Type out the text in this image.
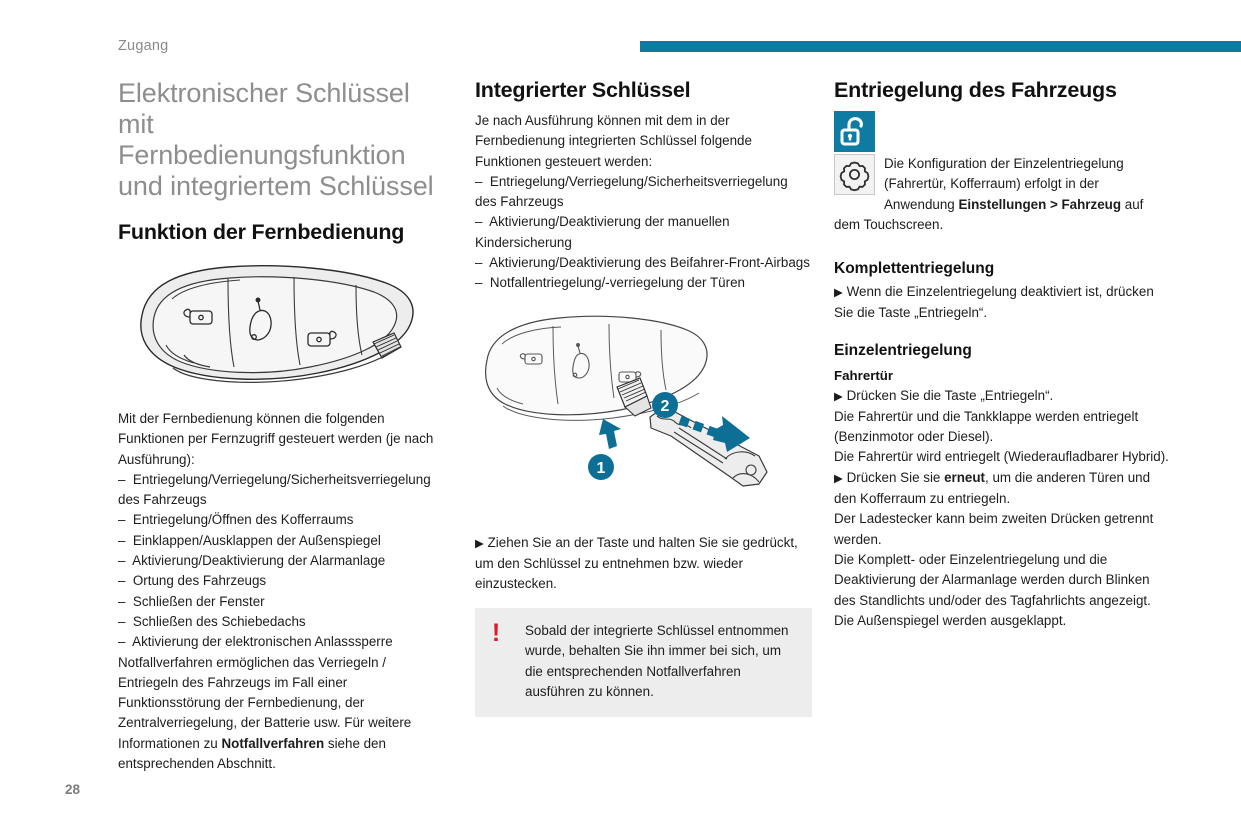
Zugang
28
Elektronischer Schlüssel mit Fernbedienungsfunktion und integriertem Schlüssel
Funktion der Fernbedienung

Mit der Fernbedienung können die folgenden Funktionen per Fernzugriff gesteuert werden (je nach Ausführung):

–  Entriegelung/Verriegelung/Sicherheitsverriegelung des Fahrzeugs
–  Entriegelung/Öffnen des Kofferraums
–  Einklappen/Ausklappen der Außenspiegel
–  Aktivierung/Deaktivierung der Alarmanlage
–  Ortung des Fahrzeugs
–  Schließen der Fenster
–  Schließen des Schiebedachs
–  Aktivierung der elektronischen Anlasssperre

Notfallverfahren ermöglichen das Verriegeln / Entriegeln des Fahrzeugs im Fall einer Funktionsstörung der Fernbedienung, der Zentralverriegelung, der Batterie usw. Für weitere Informationen zu Notfallverfahren siehe den entsprechenden Abschnitt.

Integrierter Schlüssel

Je nach Ausführung können mit dem in der Fernbedienung integrierten Schlüssel folgende Funktionen gesteuert werden:

–  Entriegelung/Verriegelung/Sicherheitsverriegelung des Fahrzeugs
–  Aktivierung/Deaktivierung der manuellen Kindersicherung
–  Aktivierung/Deaktivierung des Beifahrer-Front-Airbags
–  Notfallentriegelung/-verriegelung der Türen

1
2

▶ Ziehen Sie an der Taste und halten Sie sie gedrückt, um den Schlüssel zu entnehmen bzw. wieder einzustecken.

!	Sobald der integrierte Schlüssel entnommen wurde, behalten Sie ihn immer bei sich, um die entsprechenden Notfallverfahren ausführen zu können.

Entriegelung des Fahrzeugs

Die Konfiguration der Einzelentriegelung (Fahrertür, Kofferraum) erfolgt in der Anwendung Einstellungen > Fahrzeug auf dem Touchscreen.

Komplettentriegelung

▶ Wenn die Einzelentriegelung deaktiviert ist, drücken Sie die Taste „Entriegeln“.

Einzelentriegelung
Fahrertür

▶ Drücken Sie die Taste „Entriegeln“.

Die Fahrertür und die Tankklappe werden entriegelt (Benzinmotor oder Diesel).

Die Fahrertür wird entriegelt (Wiederaufladbarer Hybrid).

▶ Drücken Sie sie erneut, um die anderen Türen und den Kofferraum zu entriegeln.

Der Ladestecker kann beim zweiten Drücken getrennt werden.

Die Komplett- oder Einzelentriegelung und die Deaktivierung der Alarmanlage werden durch Blinken des Standlichts und/oder des Tagfahrlichts angezeigt.

Die Außenspiegel werden ausgeklappt.
